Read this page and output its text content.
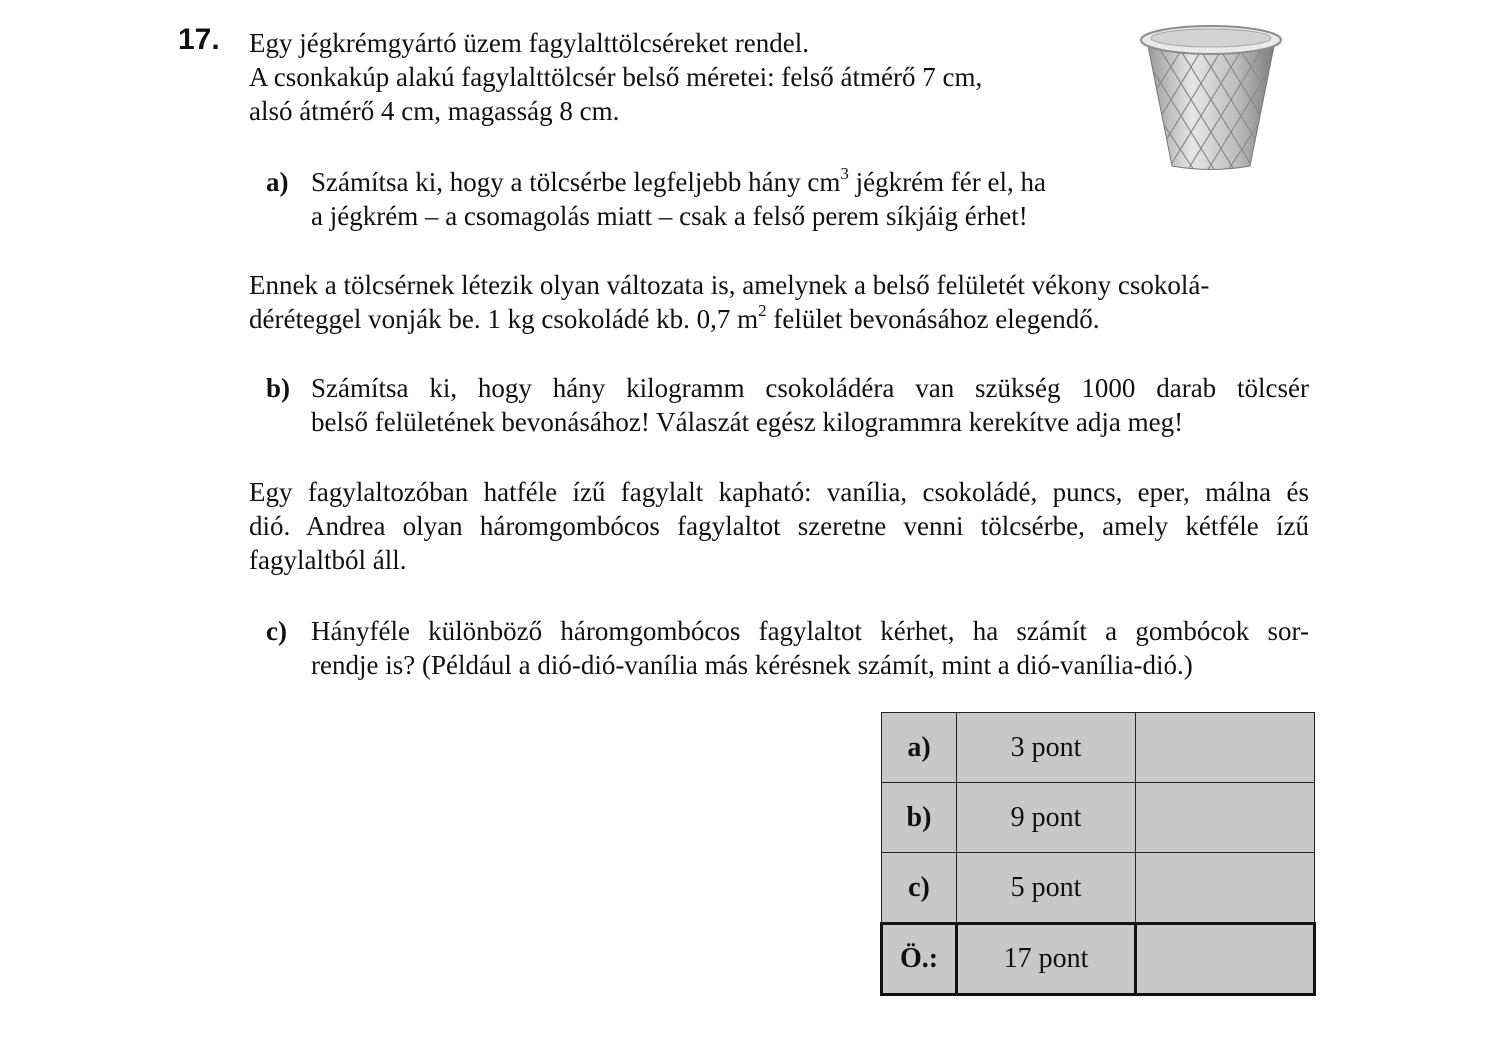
17. Egy jégkrémgyártó üzem fagylalttölcséreket rendel.
A csonkakúp alakú fagylalttölcsér belső méretei: felső átmérő 7 cm,
alsó átmérő 4 cm, magasság 8 cm.
a) Számítsa ki, hogy a tölcsérbe legfeljebb hány $cm^3$ jégkrém fér el, ha
a jégkrém – a csomagolás miatt – csak a felső perem síkjáig érhet!
Ennek a tölcsérnek létezik olyan változata is, amelynek a belső felületét vékony csokolá-
déréteggel vonják be. 1 kg csokoládé kb. 0,7 $m^2$ felület bevonásához elegendő.
b) Számítsa ki, hogy hány kilogramm csokoládéra van szükség 1000 darab tölcsér
belső felületének bevonásához! Válaszát egész kilogrammra kerekítve adja meg!
Egy fagylaltozóban hatféle ízű fagylalt kapható: vanília, csokoládé, puncs, eper, málna és
dió. Andrea olyan háromgombócos fagylaltot szeretne venni tölcsérbe, amely kétféle ízű
fagylaltból áll.
c) Hányféle különböző háromgombócos fagylaltot kérhet, ha számít a gombócok sor-
rendje is? (Például a dió-dió-vanília más kérésnek számít, mint a dió-vanília-dió.)
a)	3 pont	
b)	9 pont	
c)	5 pont	
Ö.:	17 pont	
